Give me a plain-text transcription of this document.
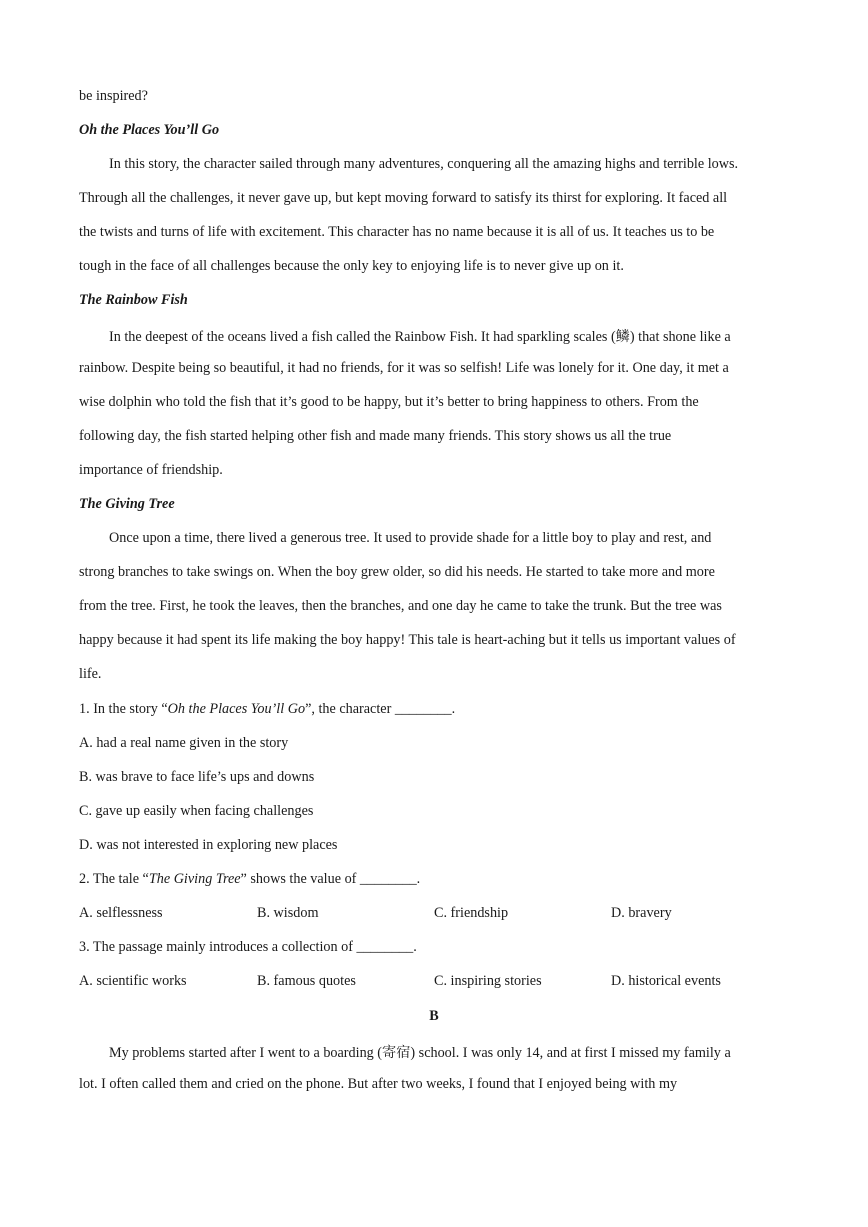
be inspired?
Oh the Places You’ll Go
In this story, the character sailed through many adventures, conquering all the amazing highs and terrible lows.
Through all the challenges, it never gave up, but kept moving forward to satisfy its thirst for exploring. It faced all
the twists and turns of life with excitement. This character has no name because it is all of us. It teaches us to be
tough in the face of all challenges because the only key to enjoying life is to never give up on it.
The Rainbow Fish
In the deepest of the oceans lived a fish called the Rainbow Fish. It had sparkling scales (鳞) that shone like a
rainbow. Despite being so beautiful, it had no friends, for it was so selfish! Life was lonely for it. One day, it met a
wise dolphin who told the fish that it’s good to be happy, but it’s better to bring happiness to others. From the
following day, the fish started helping other fish and made many friends. This story shows us all the true
importance of friendship.
The Giving Tree
Once upon a time, there lived a generous tree. It used to provide shade for a little boy to play and rest, and
strong branches to take swings on. When the boy grew older, so did his needs. He started to take more and more
from the tree. First, he took the leaves, then the branches, and one day he came to take the trunk. But the tree was
happy because it had spent its life making the boy happy! This tale is heart-aching but it tells us important values of
life.
1. In the story “Oh the Places You’ll Go”, the character ________.
A. had a real name given in the story
B. was brave to face life’s ups and downs
C. gave up easily when facing challenges
D. was not interested in exploring new places
2. The tale “The Giving Tree” shows the value of ________.
A. selflessness	B. wisdom	C. friendship	D. bravery
3. The passage mainly introduces a collection of ________.
A. scientific works	B. famous quotes	C. inspiring stories	D. historical events
B
My problems started after I went to a boarding (寄宿) school. I was only 14, and at first I missed my family a
lot. I often called them and cried on the phone. But after two weeks, I found that I enjoyed being with my
